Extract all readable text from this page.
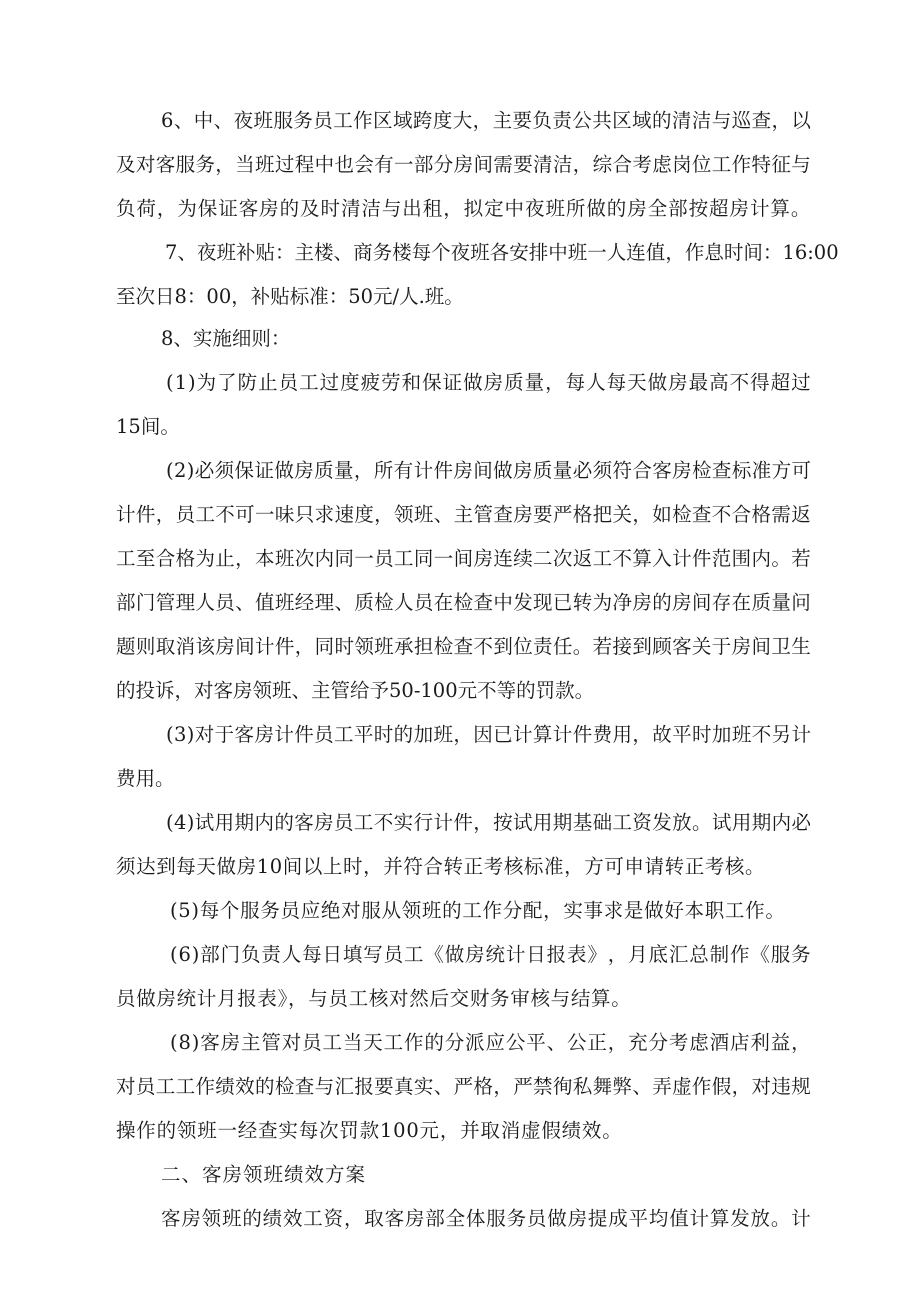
6 、 中 、 夜 班 服 务 员 工 作 区 域 跨 度 大 ， 主 要 负 责 公 共 区 域 的 清 洁 与 巡 查 ， 以
及 对 客 服 务 ， 当 班 过 程 中 也 会 有 一 部 分 房 间 需 要 清 洁 ， 综 合 考 虑 岗 位 工 作 特 征 与
负荷，为保证客房的及时清洁与出租，拟定中夜班所做的房全部按超房计算。
7 、 夜 班 补 贴 ： 主 楼 、 商 务 楼 每 个 夜 班 各 安 排 中 班 一 人 连 值 ， 作 息 时 间 ： 16:00
至次日8：00，补贴标准：50元/人.班。
8、实施细则：
( 1 ) 为 了 防 止 员 工 过 度 疲 劳 和 保 证 做 房 质 量 ， 每 人 每 天 做 房 最 高 不 得 超 过
15间。
( 2 ) 必 须 保 证 做 房 质 量 ， 所 有 计 件 房 间 做 房 质 量 必 须 符 合 客 房 检 查 标 准 方 可
计 件 ， 员 工 不 可 一 味 只 求 速 度 ， 领 班 、 主 管 查 房 要 严 格 把 关 ， 如 检 查 不 合 格 需 返
工 至 合 格 为 止 ， 本 班 次 内 同 一 员 工 同 一 间 房 连 续 二 次 返 工 不 算 入 计 件 范 围 内 。 若
部 门 管 理 人 员 、 值 班 经 理 、 质 检 人 员 在 检 查 中 发 现 已 转 为 净 房 的 房 间 存 在 质 量 问
题 则 取 消 该 房 间 计 件 ， 同 时 领 班 承 担 检 查 不 到 位 责 任 。 若 接 到 顾 客 关 于 房 间 卫 生
的投诉，对客房领班、主管给予50-100元不等的罚款。
( 3 ) 对 于 客 房 计 件 员 工 平 时 的 加 班 ， 因 已 计 算 计 件 费 用 ， 故 平 时 加 班 不 另 计
费用。
( 4 ) 试 用 期 内 的 客 房 员 工 不 实 行 计 件 ， 按 试 用 期 基 础 工 资 发 放 。 试 用 期 内 必
须达到每天做房10间以上时，并符合转正考核标准，方可申请转正考核。
(5)每个服务员应绝对服从领班的工作分配，实事求是做好本职工作。
( 6 ) 部 门 负 责 人 每 日 填 写 员 工 《 做 房 统 计 日 报 表 》 ， 月 底 汇 总 制 作 《 服 务
员做房统计月报表》，与员工核对然后交财务审核与结算。
( 8 ) 客 房 主 管 对 员 工 当 天 工 作 的 分 派 应 公 平 、 公 正 ， 充 分 考 虑 酒 店 利 益 ，
对 员 工 工 作 绩 效 的 检 查 与 汇 报 要 真 实 、 严 格 ， 严 禁 徇 私 舞 弊 、 弄 虚 作 假 ， 对 违 规
操作的领班一经查实每次罚款100元，并取消虚假绩效。
二、客房领班绩效方案
客 房 领 班 的 绩 效 工 资 ， 取 客 房 部 全 体 服 务 员 做 房 提 成 平 均 值 计 算 发 放 。 计
